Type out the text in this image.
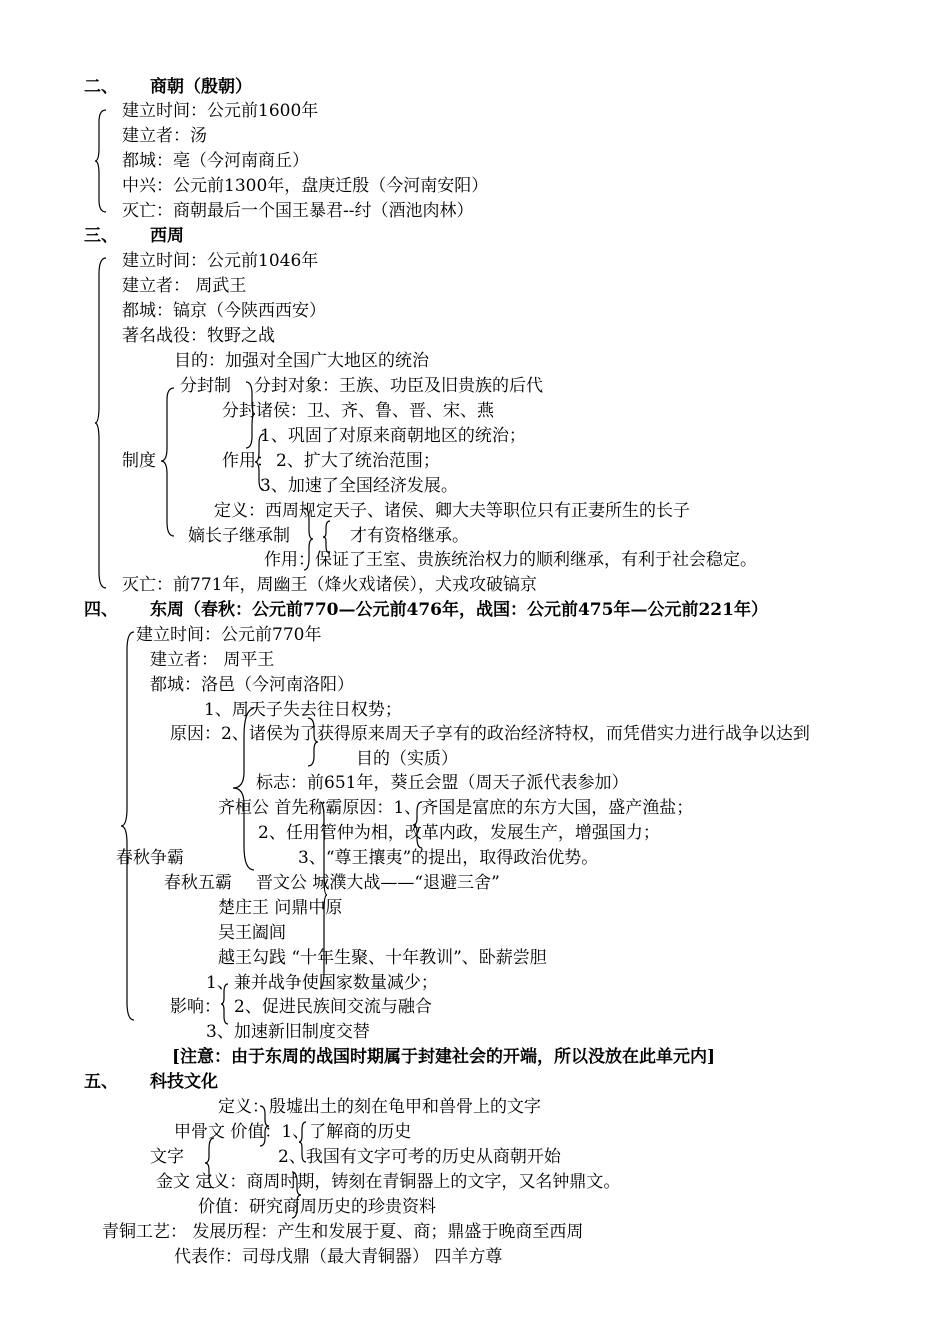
二、 商朝（殷朝）
建立时间：公元前1600年
建立者：汤
都城：亳（今河南商丘）
中兴：公元前1300年，盘庚迁殷（今河南安阳）
灭亡：商朝最后一个国王暴君--纣（酒池肉林）
三、 西周
建立时间：公元前1046年
建立者： 周武王
都城：镐京（今陕西西安）
著名战役：牧野之战
目的：加强对全国广大地区的统治
分封制 分封对象：王族、功臣及旧贵族的后代
分封诸侯：卫、齐、鲁、晋、宋、燕
1、巩固了对原来商朝地区的统治；
制度	作用： 2、扩大了统治范围；
3、加速了全国经济发展。
定义：西周规定天子、诸侯、卿大夫等职位只有正妻所生的长子
嫡长子继承制	才有资格继承。
作用：保证了王室、贵族统治权力的顺利继承，有利于社会稳定。
灭亡：前771年，周幽王（烽火戏诸侯），犬戎攻破镐京
四、 东周（春秋：公元前770—公元前476年，战国：公元前475年—公元前221年）
建立时间：公元前770年
建立者： 周平王
都城：洛邑（今河南洛阳）
1、周天子失去往日权势；
原因：2、诸侯为了获得原来周天子享有的政治经济特权，而凭借实力进行战争以达到
目的（实质）
标志：前651年，葵丘会盟（周天子派代表参加）
齐桓公 首先称霸原因：1、齐国是富庶的东方大国，盛产渔盐；
2、任用管仲为相，改革内政，发展生产，增强国力；
春秋争霸	3、“尊王攘夷”的提出，取得政治优势。
春秋五霸 晋文公 城濮大战——“退避三舍”
楚庄王 问鼎中原
吴王阖闾
越王勾践 “十年生聚、十年教训”、卧薪尝胆
1、兼并战争使国家数量减少；
影响： 2、促进民族间交流与融合
3、加速新旧制度交替
[注意：由于东周的战国时期属于封建社会的开端，所以没放在此单元内]
五、 科技文化
定义：殷墟出土的刻在龟甲和兽骨上的文字
甲骨文 价值：1、了解商的历史
文字	2、我国有文字可考的历史从商朝开始
金文 定义：商周时期，铸刻在青铜器上的文字，又名钟鼎文。
价值：研究商周历史的珍贵资料
青铜工艺： 发展历程：产生和发展于夏、商；鼎盛于晚商至西周
代表作：司母戊鼎（最大青铜器） 四羊方尊
